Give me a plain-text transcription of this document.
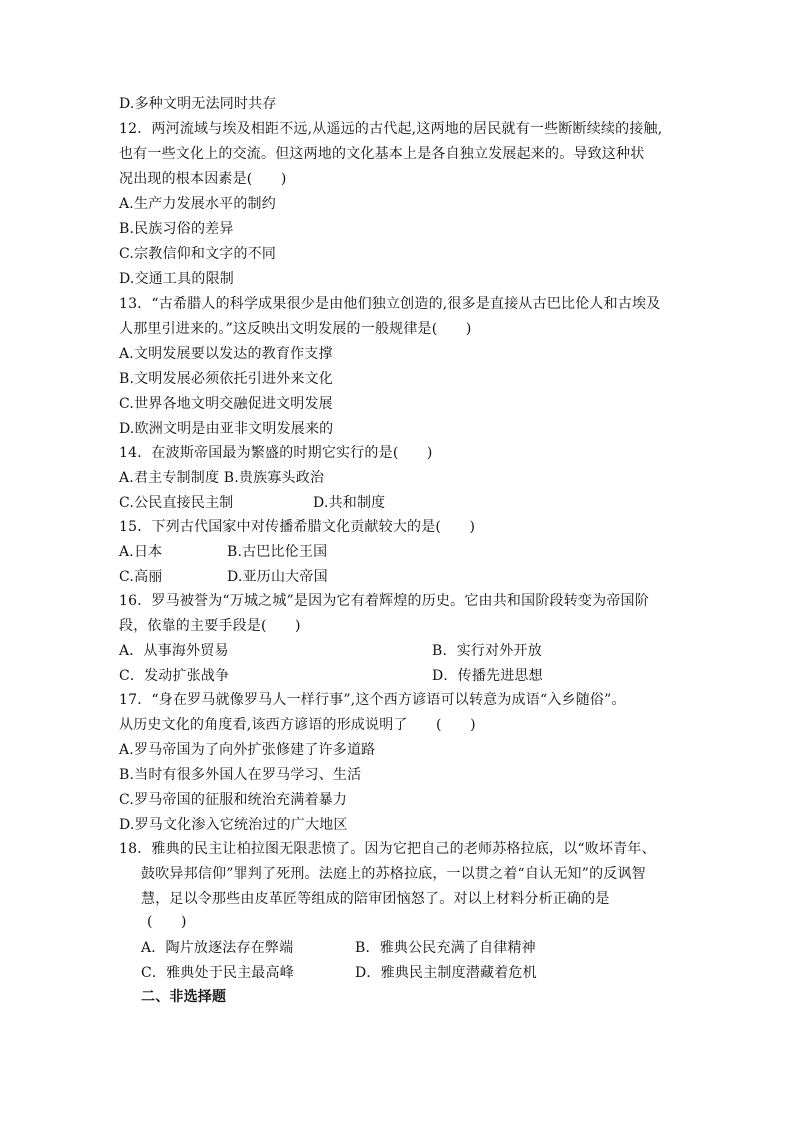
D.多种文明无法同时共存
12．两河流域与埃及相距不远,从遥远的古代起,这两地的居民就有一些断断续续的接触,
也有一些文化上的交流。但这两地的文化基本上是各自独立发展起来的。导致这种状
况出现的根本因素是(　　)
A.生产力发展水平的制约
B.民族习俗的差异
C.宗教信仰和文字的不同
D.交通工具的限制
13．“古希腊人的科学成果很少是由他们独立创造的,很多是直接从古巴比伦人和古埃及
人那里引进来的。”这反映出文明发展的一般规律是(　　)
A.文明发展要以发达的教育作支撑
B.文明发展必须依托引进外来文化
C.世界各地文明交融促进文明发展
D.欧洲文明是由亚非文明发展来的
14．在波斯帝国最为繁盛的时期它实行的是(　　)
A.君主专制制度 B.贵族寡头政治
C.公民直接民主制	D.共和制度
15．下列古代国家中对传播希腊文化贡献较大的是(　　)
A.日本	B.古巴比伦王国
C.高丽	D.亚历山大帝国
16．罗马被誉为“万城之城”是因为它有着辉煌的历史。它由共和国阶段转变为帝国阶
段，依靠的主要手段是(　　)
A．从事海外贸易	B．实行对外开放
C．发动扩张战争	D．传播先进思想
17．“身在罗马就像罗马人一样行事”,这个西方谚语可以转意为成语“入乡随俗”。
从历史文化的角度看,该西方谚语的形成说明了　　(　　)
A.罗马帝国为了向外扩张修建了许多道路
B.当时有很多外国人在罗马学习、生活
C.罗马帝国的征服和统治充满着暴力
D.罗马文化渗入它统治过的广大地区
18．雅典的民主让柏拉图无限悲愤了。因为它把自己的老师苏格拉底，以“败坏青年、
鼓吹异邦信仰”罪判了死刑。法庭上的苏格拉底，一以贯之着“自认无知”的反讽智
慧，足以令那些由皮革匠等组成的陪审团恼怒了。对以上材料分析正确的是
(　　)
A．陶片放逐法存在弊端	B．雅典公民充满了自律精神
C．雅典处于民主最高峰	D．雅典民主制度潜藏着危机
二、非选择题
